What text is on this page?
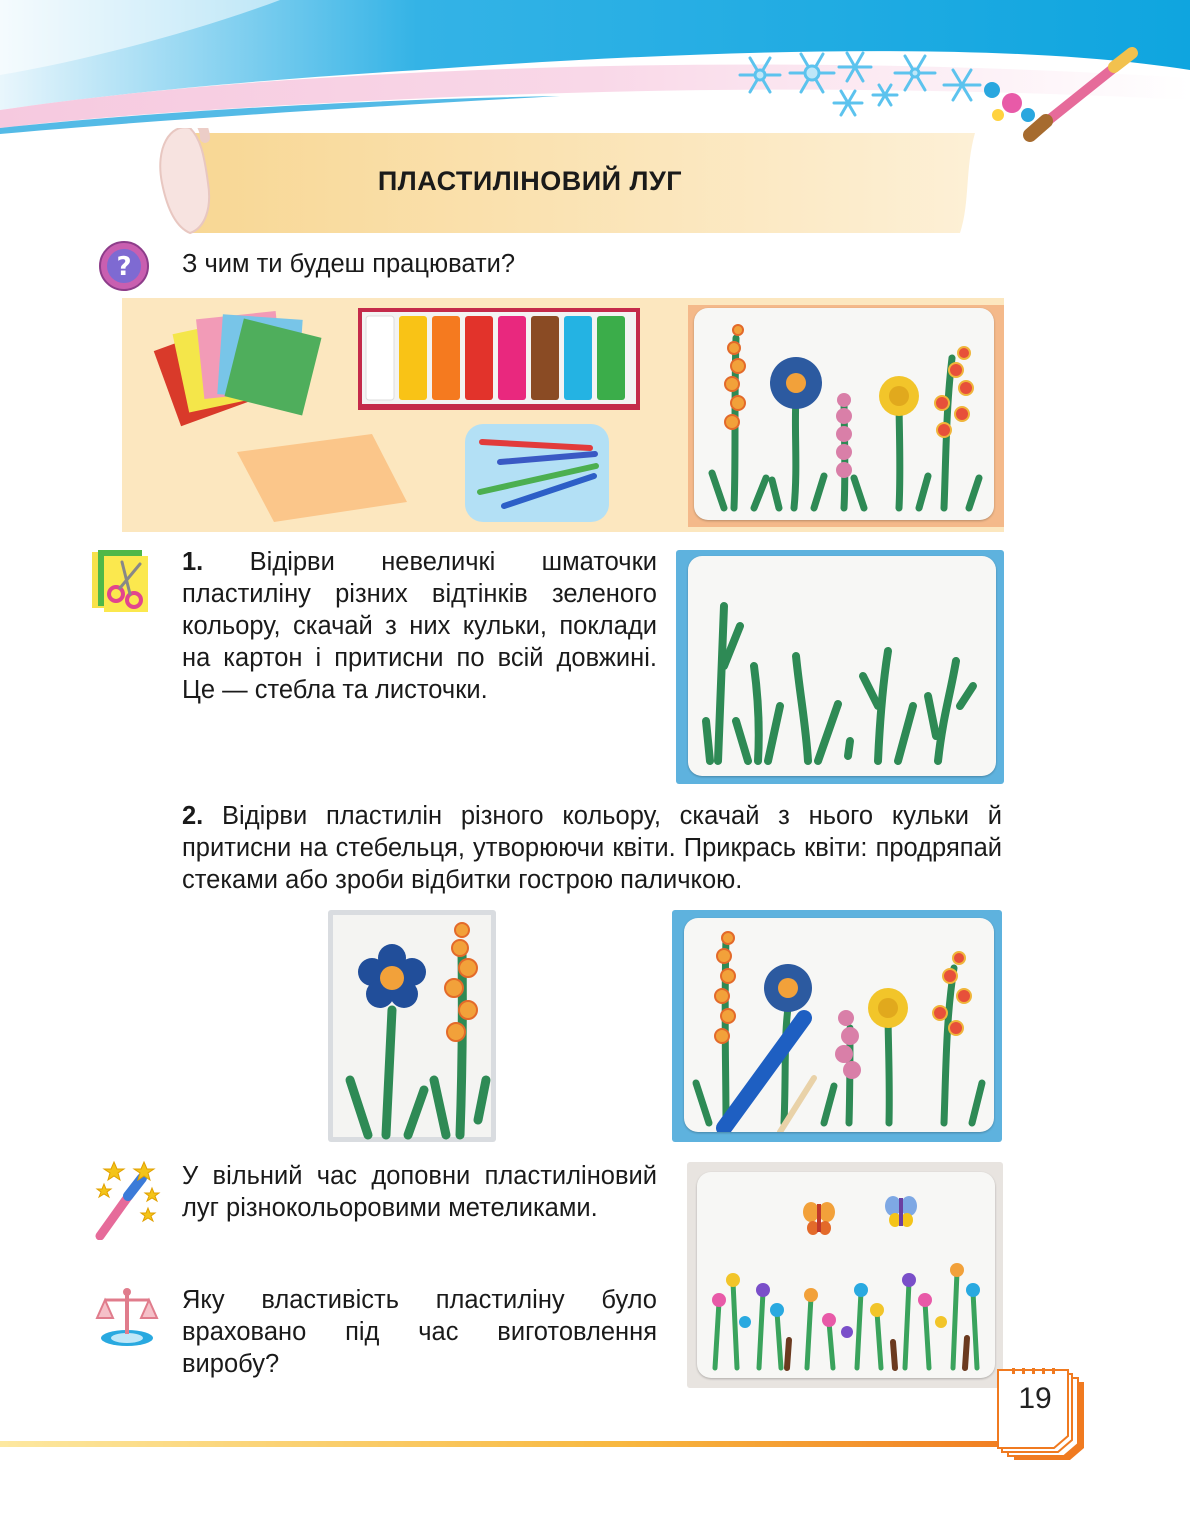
ПЛАСТИЛІНОВИЙ ЛУГ
? З чим ти будеш працювати?
1. Відірви невеличкі шматочки пластиліну різних відтінків зеленого кольору, скачай з них кульки, поклади на картон і притисни по всій довжині. Це — стебла та листочки.
2. Відірви пластилін різного кольору, скачай з нього кульки й притисни на стебельця, утворюючи квіти. Прикрась квіти: продряпай стеками або зроби відбитки гострою паличкою.
У вільний час доповни пластиліновий луг різнокольоровими метеликами.
Яку властивість пластиліну було враховано під час виготовлення виробу?
19
